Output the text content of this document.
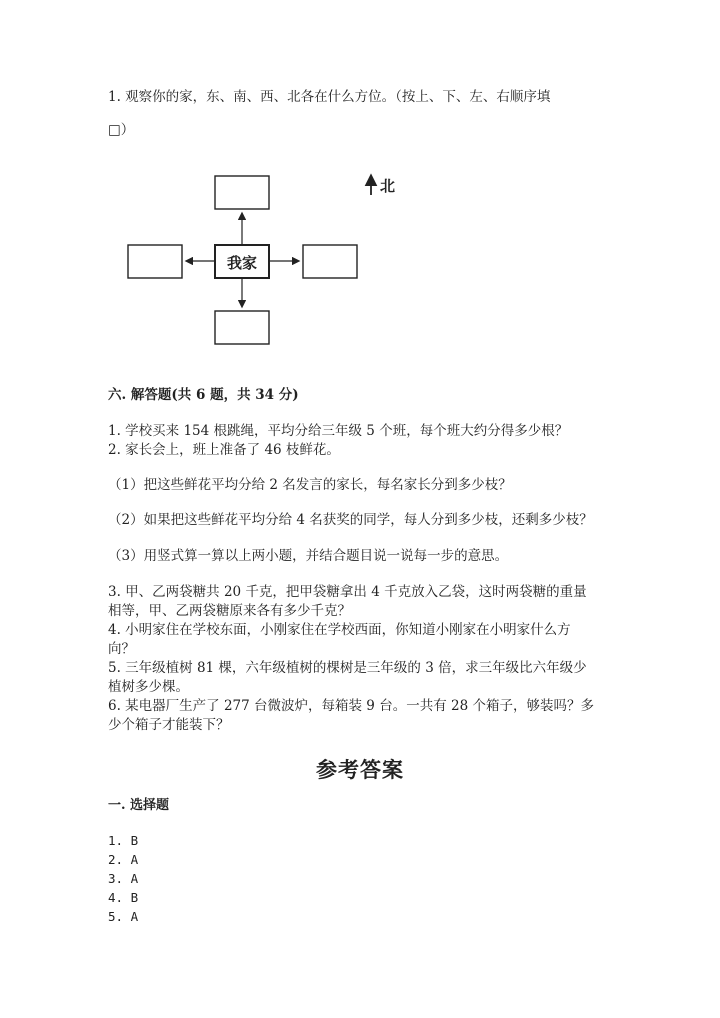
1. 观察你的家，东、南、西、北各在什么方位。（按上、下、左、右顺序填
□）
我家
北
六. 解答题(共 6 题，共 34 分)
1. 学校买来 154 根跳绳，平均分给三年级 5 个班，每个班大约分得多少根？
2. 家长会上，班上准备了 46 枝鲜花。
（1）把这些鲜花平均分给 2 名发言的家长，每名家长分到多少枝？
（2）如果把这些鲜花平均分给 4 名获奖的同学，每人分到多少枝，还剩多少枝？
（3）用竖式算一算以上两小题，并结合题目说一说每一步的意思。
3. 甲、乙两袋糖共 20 千克，把甲袋糖拿出 4 千克放入乙袋，这时两袋糖的重量
相等，甲、乙两袋糖原来各有多少千克？
4. 小明家住在学校东面，小刚家住在学校西面，你知道小刚家在小明家什么方
向？
5. 三年级植树 81 棵，六年级植树的棵树是三年级的 3 倍，求三年级比六年级少
植树多少棵。
6. 某电器厂生产了 277 台微波炉，每箱装 9 台。一共有 28 个箱子，够装吗？多
少个箱子才能装下？
参考答案
一. 选择题
1. B
2. A
3. A
4. B
5. A
